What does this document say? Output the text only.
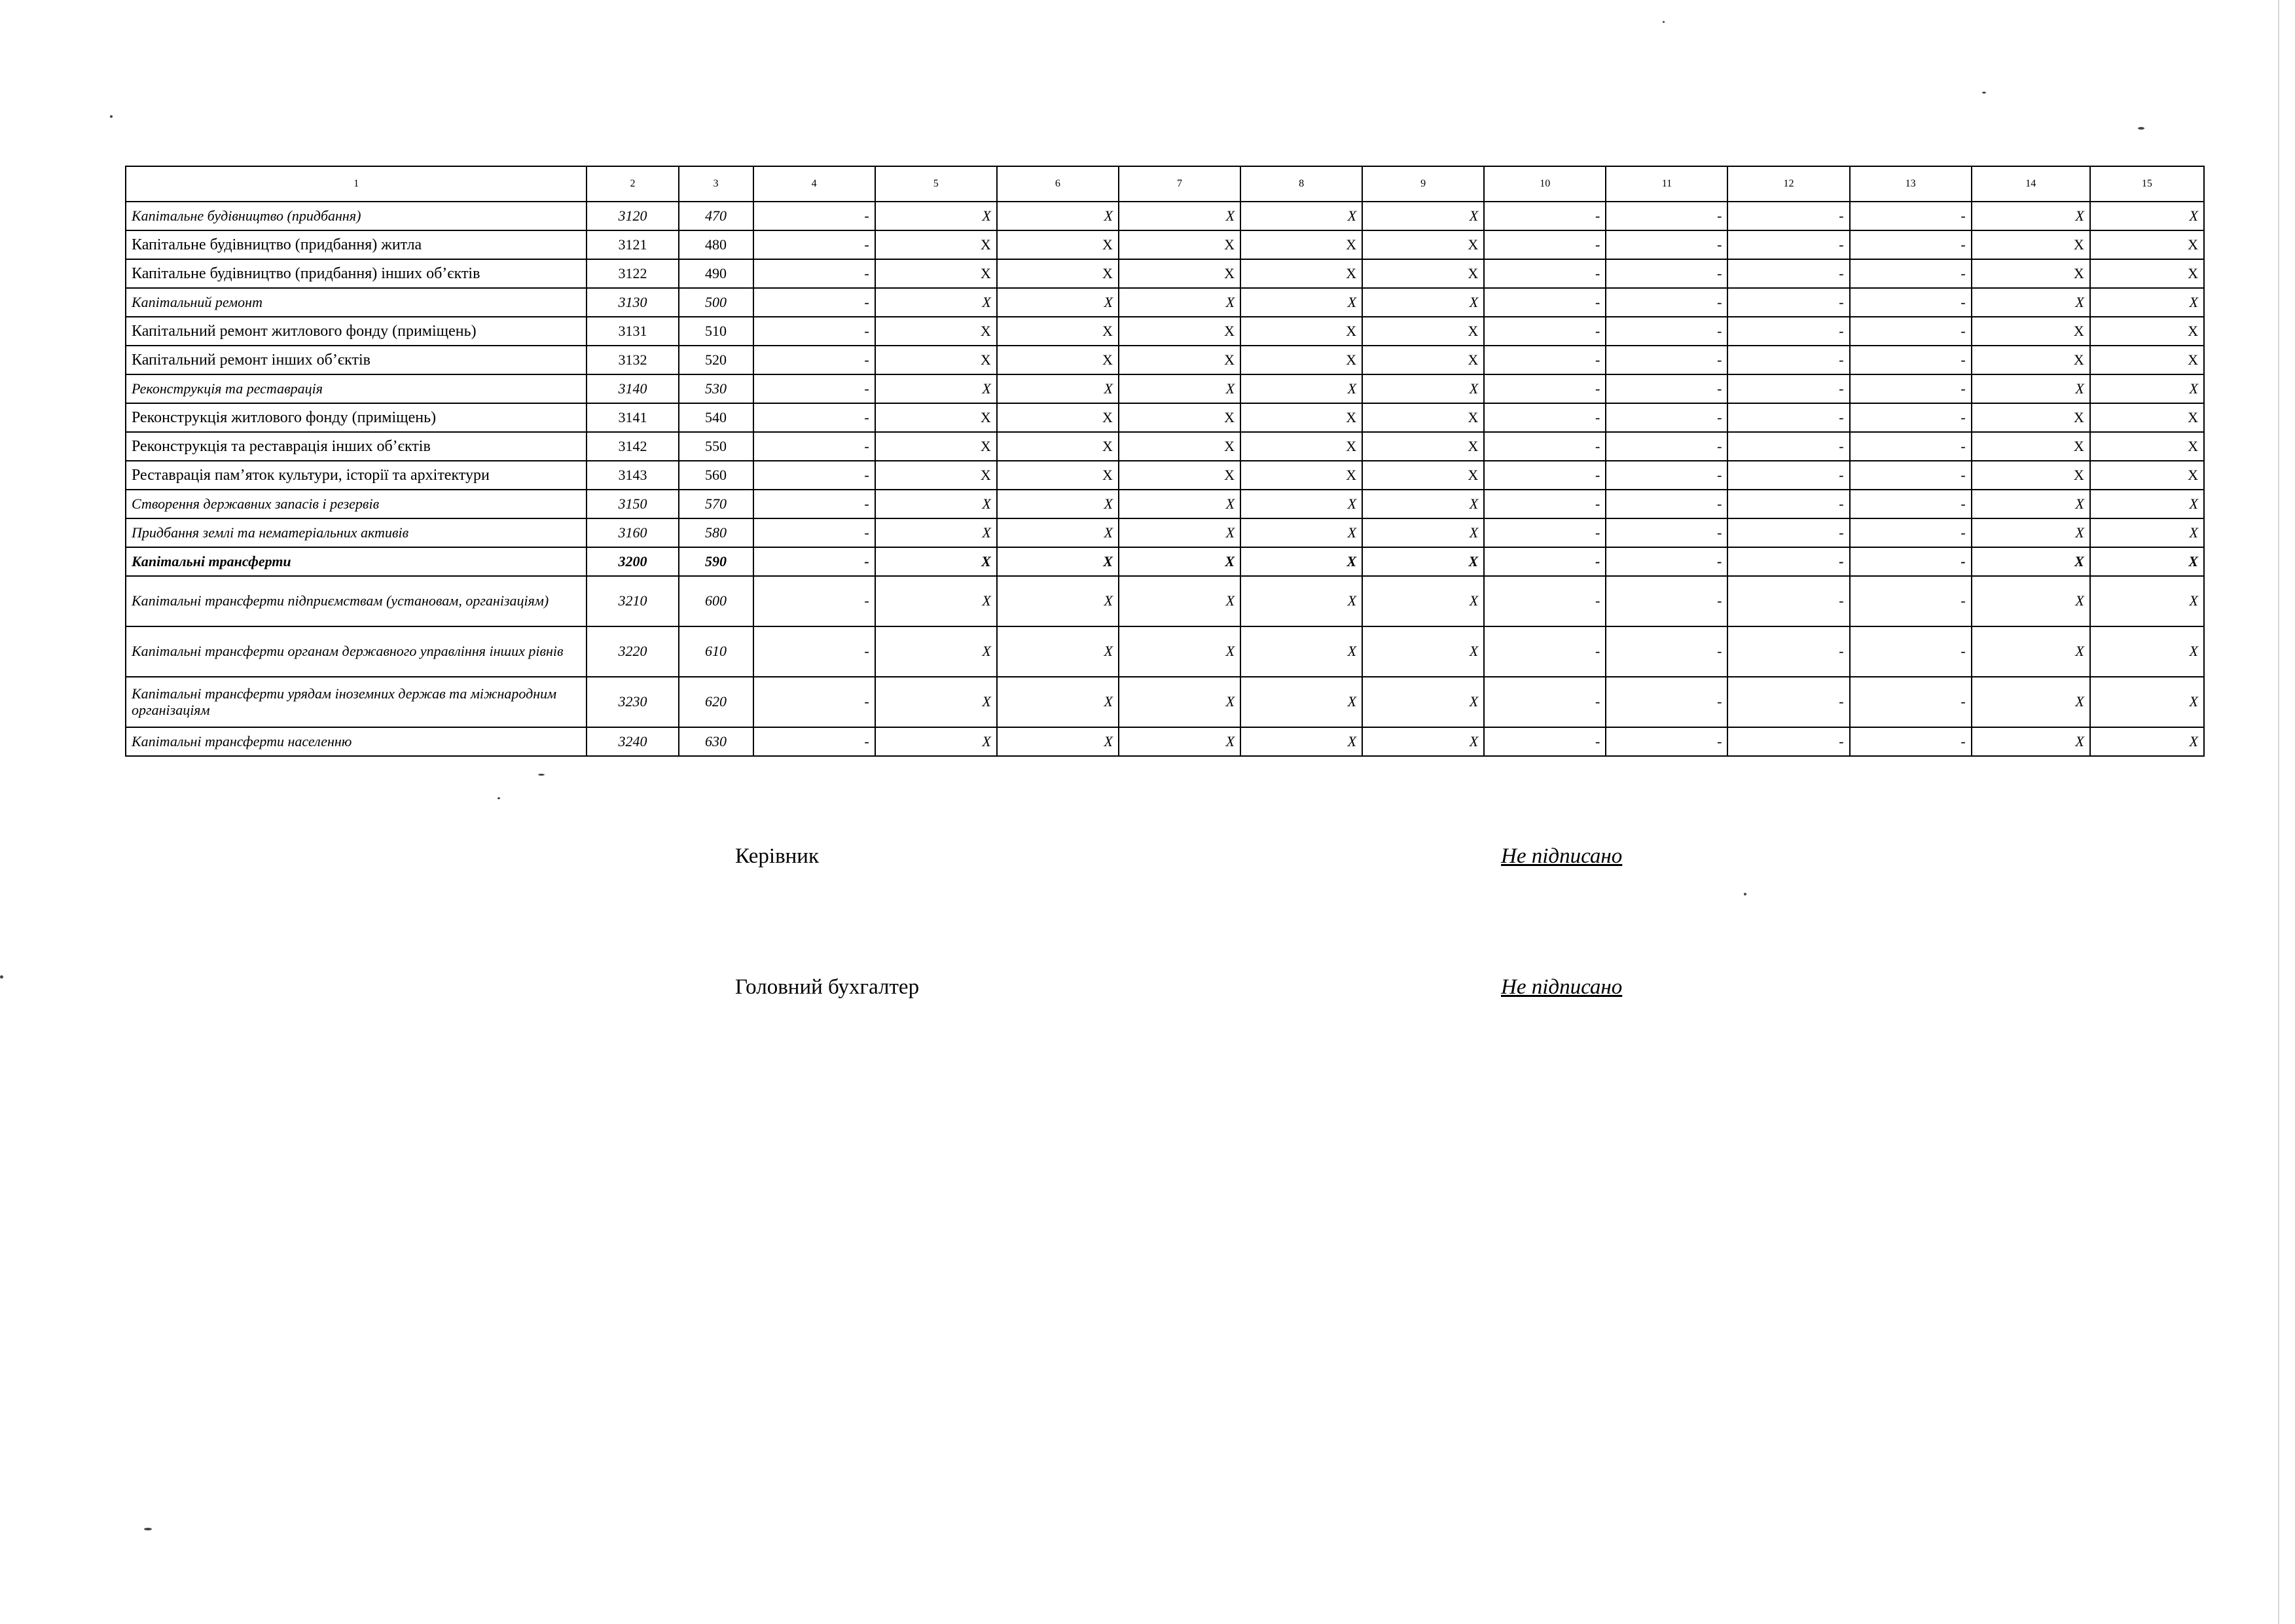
1	2	3	4	5	6	7	8	9	10	11	12	13	14	15
Капітальне будівництво (придбання)	3120	470	-	X	X	X	X	X	-	-	-	-	X	X
Капітальне будівництво (придбання) житла	3121	480	-	X	X	X	X	X	-	-	-	-	X	X
Капітальне будівництво (придбання) інших об’єктів	3122	490	-	X	X	X	X	X	-	-	-	-	X	X
Капітальний ремонт	3130	500	-	X	X	X	X	X	-	-	-	-	X	X
Капітальний ремонт житлового фонду (приміщень)	3131	510	-	X	X	X	X	X	-	-	-	-	X	X
Капітальний ремонт інших об’єктів	3132	520	-	X	X	X	X	X	-	-	-	-	X	X
Реконструкція та реставрація	3140	530	-	X	X	X	X	X	-	-	-	-	X	X
Реконструкція житлового фонду (приміщень)	3141	540	-	X	X	X	X	X	-	-	-	-	X	X
Реконструкція та реставрація інших об’єктів	3142	550	-	X	X	X	X	X	-	-	-	-	X	X
Реставрація пам’яток культури, історії та архітектури	3143	560	-	X	X	X	X	X	-	-	-	-	X	X
Створення державних запасів і резервів	3150	570	-	X	X	X	X	X	-	-	-	-	X	X
Придбання землі та нематеріальних активів	3160	580	-	X	X	X	X	X	-	-	-	-	X	X
Капітальні трансферти	3200	590	-	X	X	X	X	X	-	-	-	-	X	X
Капітальні трансферти підприємствам (установам, організаціям)	3210	600	-	X	X	X	X	X	-	-	-	-	X	X
Капітальні трансферти органам державного управління інших рівнів	3220	610	-	X	X	X	X	X	-	-	-	-	X	X
Капітальні трансферти урядам іноземних держав та міжнародним організаціям	3230	620	-	X	X	X	X	X	-	-	-	-	X	X
Капітальні трансферти населенню	3240	630	-	X	X	X	X	X	-	-	-	-	X	X
Керівник	Не підписано
Головний бухгалтер	Не підписано
